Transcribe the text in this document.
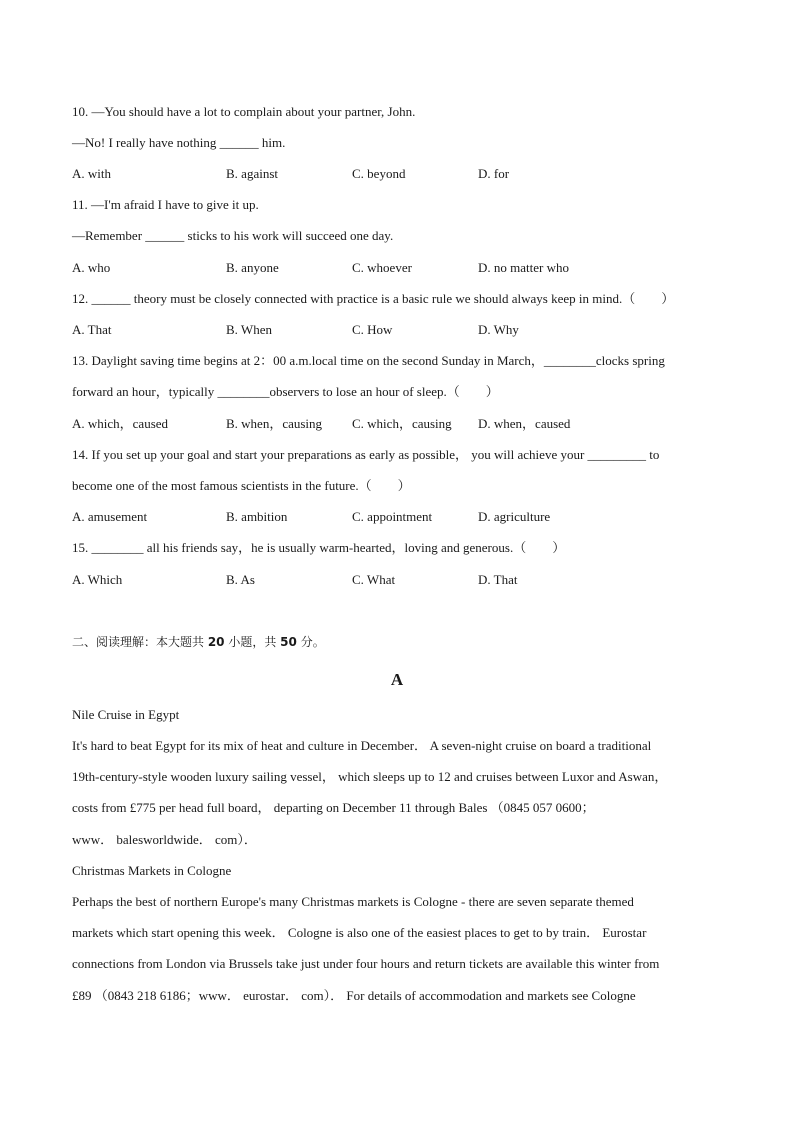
10. —You should have a lot to complain about your partner, John.
—No! I really have nothing ______ him.
A. with	B. against	C. beyond	D. for
11. —I'm afraid I have to give it up.
—Remember ______ sticks to his work will succeed one day.
A. who	B. anyone	C. whoever	D. no matter who
12. ______ theory must be closely connected with practice is a basic rule we should always keep in mind.（　　）
A. That	B. When	C. How	D. Why
13. Daylight saving time begins at 2：00 a.m.local time on the second Sunday in March，________clocks spring
forward an hour，typically ________observers to lose an hour of sleep.（　　）
A. which，caused	B. when，causing C. which，causing D. when，caused
14. If you set up your goal and start your preparations as early as possible， you will achieve your _________ to
become one of the most famous scientists in the future.（　　）
A. amusement	B. ambition	C. appointment	D. agriculture
15. ________ all his friends say，he is usually warm-hearted，loving and generous.（　　）
A. Which	B. As	C. What	D. That
二、阅读理解：本大题共 20 小题，共 50 分。
A
Nile Cruise in Egypt
It's hard to beat Egypt for its mix of heat and culture in December． A seven-night cruise on board a traditional
19th-century-style wooden luxury sailing vessel， which sleeps up to 12 and cruises between Luxor and Aswan，
costs from £775 per head full board， departing on December 11 through Bales （0845 057 0600；
www． balesworldwide． com）．
Christmas Markets in Cologne
Perhaps the best of northern Europe's many Christmas markets is Cologne - there are seven separate themed
markets which start opening this week． Cologne is also one of the easiest places to get to by train． Eurostar
connections from London via Brussels take just under four hours and return tickets are available this winter from
£89 （0843 218 6186；www． eurostar． com）． For details of accommodation and markets see Cologne
